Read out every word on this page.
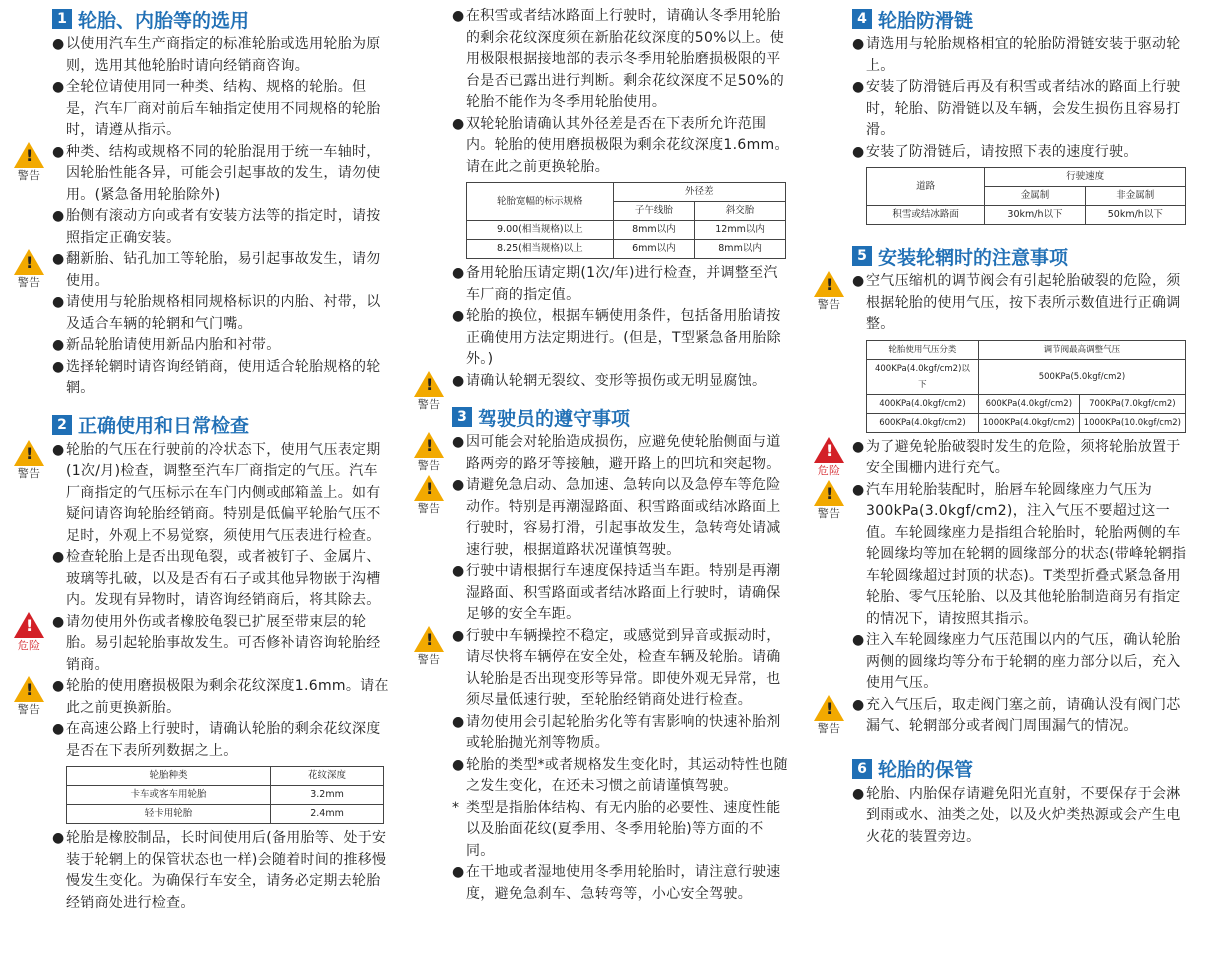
1 轮胎、内胎等的选用
● 以使用汽车生产商指定的标准轮胎或选用轮胎为原则，选用其他轮胎时请向经销商咨询。
● 全轮位请使用同一种类、结构、规格的轮胎。但是，汽车厂商对前后车轴指定使用不同规格的轮胎时，请遵从指示。
!
警告
● 种类、结构或规格不同的轮胎混用于统一车轴时，因轮胎性能各异，可能会引起事故的发生，请勿使用。(紧急备用轮胎除外)
● 胎侧有滚动方向或者有安装方法等的指定时，请按照指定正确安装。
!
警告
● 翻新胎、钻孔加工等轮胎，易引起事故发生，请勿使用。
● 请使用与轮胎规格相同规格标识的内胎、衬带，以及适合车辆的轮辋和气门嘴。
● 新品轮胎请使用新品内胎和衬带。
● 选择轮辋时请咨询经销商，使用适合轮胎规格的轮辋。
2 正确使用和日常检查
!
警告
● 轮胎的气压在行驶前的冷状态下，使用气压表定期(1次/月)检查，调整至汽车厂商指定的气压。汽车厂商指定的气压标示在车门内侧或邮箱盖上。如有疑问请咨询轮胎经销商。特别是低偏平轮胎气压不足时，外观上不易觉察，须使用气压表进行检查。
● 检查轮胎上是否出现龟裂，或者被钉子、金属片、玻璃等扎破，以及是否有石子或其他异物嵌于沟槽内。发现有异物时，请咨询经销商后，将其除去。
!
危险
● 请勿使用外伤或者橡胶龟裂已扩展至带束层的轮胎。易引起轮胎事故发生。可否修补请咨询轮胎经销商。
!
警告
● 轮胎的使用磨损极限为剩余花纹深度1.6mm。请在此之前更换新胎。
● 在高速公路上行驶时，请确认轮胎的剩余花纹深度是否在下表所列数据之上。
轮胎种类	花纹深度
卡车或客车用轮胎	3.2mm
轻卡用轮胎	2.4mm
● 轮胎是橡胶制品，长时间使用后(备用胎等、处于安装于轮辋上的保管状态也一样)会随着时间的推移慢慢发生变化。为确保行车安全，请务必定期去轮胎经销商处进行检查。
● 在积雪或者结冰路面上行驶时，请确认冬季用轮胎的剩余花纹深度须在新胎花纹深度的50%以上。使用极限根据接地部的表示冬季用轮胎磨损极限的平台是否已露出进行判断。剩余花纹深度不足50%的轮胎不能作为冬季用轮胎使用。
● 双轮轮胎请确认其外径差是否在下表所允许范围内。轮胎的使用磨损极限为剩余花纹深度1.6mm。请在此之前更换轮胎。
轮胎宽幅的标示规格	外径差	
	子午线胎	斜交胎
9.00(相当规格)以上	8mm以内	12mm以内
8.25(相当规格)以上	6mm以内	8mm以内
● 备用轮胎压请定期(1次/年)进行检查，并调整至汽车厂商的指定值。
● 轮胎的换位，根据车辆使用条件，包括备用胎请按正确使用方法定期进行。(但是，T型紧急备用胎除外。)
!
警告
● 请确认轮辋无裂纹、变形等损伤或无明显腐蚀。
3 驾驶员的遵守事项
!
警告
● 因可能会对轮胎造成损伤，应避免使轮胎侧面与道路两旁的路牙等接触，避开路上的凹坑和突起物。
!
警告
● 请避免急启动、急加速、急转向以及急停车等危险动作。特别是再潮湿路面、积雪路面或结冰路面上行驶时，容易打滑，引起事故发生，急转弯处请减速行驶，根据道路状况谨慎驾驶。
● 行驶中请根据行车速度保持适当车距。特别是再潮湿路面、积雪路面或者结冰路面上行驶时，请确保足够的安全车距。
!
警告
● 行驶中车辆操控不稳定，或感觉到异音或振动时，请尽快将车辆停在安全处，检查车辆及轮胎。请确认轮胎是否出现变形等异常。即使外观无异常，也须尽量低速行驶，至轮胎经销商处进行检查。
● 请勿使用会引起轮胎劣化等有害影响的快速补胎剂或轮胎抛光剂等物质。
● 轮胎的类型*或者规格发生变化时，其运动特性也随之发生变化，在还未习惯之前请谨慎驾驶。
* 类型是指胎体结构、有无内胎的必要性、速度性能以及胎面花纹(夏季用、冬季用轮胎)等方面的不同。
● 在干地或者湿地使用冬季用轮胎时，请注意行驶速度，避免急刹车、急转弯等，小心安全驾驶。
4 轮胎防滑链
● 请选用与轮胎规格相宜的轮胎防滑链安装于驱动轮上。
● 安装了防滑链后再及有积雪或者结冰的路面上行驶时，轮胎、防滑链以及车辆，会发生损伤且容易打滑。
● 安装了防滑链后，请按照下表的速度行驶。
道路	行驶速度	
	金属制	非金属制
积雪或结冰路面	30km/h以下	50km/h以下
5 安装轮辋时的注意事项
!
警告
● 空气压缩机的调节阀会有引起轮胎破裂的危险，须根据轮胎的使用气压，按下表所示数值进行正确调整。
轮胎使用气压分类	调节阀最高调整气压	
400KPa(4.0kgf/cm2)以下	500KPa(5.0kgf/cm2)	
400KPa(4.0kgf/cm2)	600KPa(4.0kgf/cm2)	700KPa(7.0kgf/cm2)
600KPa(4.0kgf/cm2)	1000KPa(4.0kgf/cm2)	1000KPa(10.0kgf/cm2)
!
危险
● 为了避免轮胎破裂时发生的危险，须将轮胎放置于安全围栅内进行充气。
!
警告
● 汽车用轮胎装配时，胎唇车轮圆缘座力气压为300kPa(3.0kgf/cm2)，注入气压不要超过这一值。车轮圆缘座力是指组合轮胎时，轮胎两侧的车轮圆缘均等加在轮辋的圆缘部分的状态(带峰轮辋指车轮圆缘超过封顶的状态)。T类型折叠式紧急备用轮胎、零气压轮胎、以及其他轮胎制造商另有指定的情况下，请按照其指示。
● 注入车轮圆缘座力气压范围以内的气压，确认轮胎两侧的圆缘均等分布于轮辋的座力部分以后，充入使用气压。
!
警告
● 充入气压后，取走阀门塞之前，请确认没有阀门芯漏气、轮辋部分或者阀门周围漏气的情况。
6 轮胎的保管
● 轮胎、内胎保存请避免阳光直射，不要保存于会淋到雨或水、油类之处，以及火炉类热源或会产生电火花的装置旁边。
